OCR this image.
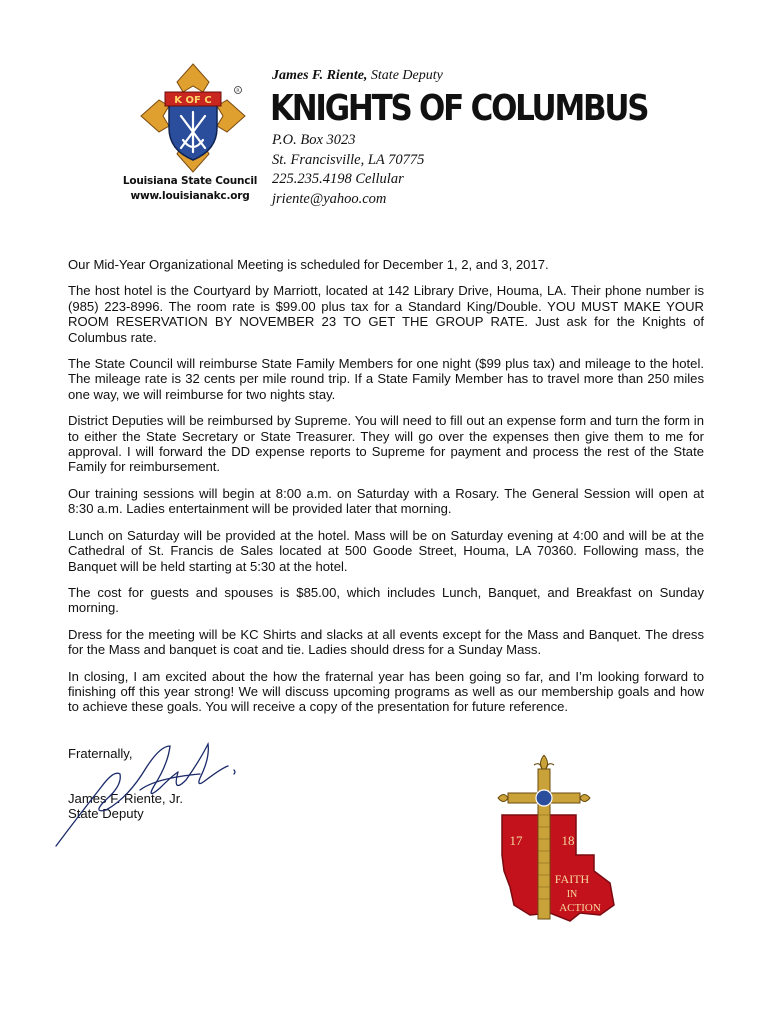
K OF C
R
Louisiana State Council
www.louisianakc.org
James F. Riente, State Deputy
KNIGHTS OF COLUMBUS
P.O. Box 3023
St. Francisville, LA 70775
225.235.4198 Cellular
jriente@yahoo.com

Our Mid-Year Organizational Meeting is scheduled for December 1, 2, and 3, 2017.

The host hotel is the Courtyard by Marriott, located at 142 Library Drive, Houma, LA. Their phone number is (985) 223-8996. The room rate is $99.00 plus tax for a Standard King/Double. YOU MUST MAKE YOUR ROOM RESERVATION BY NOVEMBER 23 TO GET THE GROUP RATE. Just ask for the Knights of Columbus rate.

The State Council will reimburse State Family Members for one night ($99 plus tax) and mileage to the hotel. The mileage rate is 32 cents per mile round trip. If a State Family Member has to travel more than 250 miles one way, we will reimburse for two nights stay.

District Deputies will be reimbursed by Supreme. You will need to fill out an expense form and turn the form in to either the State Secretary or State Treasurer. They will go over the expenses then give them to me for approval. I will forward the DD expense reports to Supreme for payment and process the rest of the State Family for reimbursement.

Our training sessions will begin at 8:00 a.m. on Saturday with a Rosary. The General Session will open at 8:30 a.m. Ladies entertainment will be provided later that morning.

Lunch on Saturday will be provided at the hotel. Mass will be on Saturday evening at 4:00 and will be at the Cathedral of St. Francis de Sales located at 500 Goode Street, Houma, LA 70360. Following mass, the Banquet will be held starting at 5:30 at the hotel.

The cost for guests and spouses is $85.00, which includes Lunch, Banquet, and Breakfast on Sunday morning.

Dress for the meeting will be KC Shirts and slacks at all events except for the Mass and Banquet. The dress for the Mass and banquet is coat and tie. Ladies should dress for a Sunday Mass.

In closing, I am excited about the how the fraternal year has been going so far, and I’m looking forward to finishing off this year strong! We will discuss upcoming programs as well as our membership goals and how to achieve these goals. You will receive a copy of the presentation for future reference.

Fraternally,
James F. Riente, Jr.
State Deputy
17	18
FAITH
IN
ACTION
